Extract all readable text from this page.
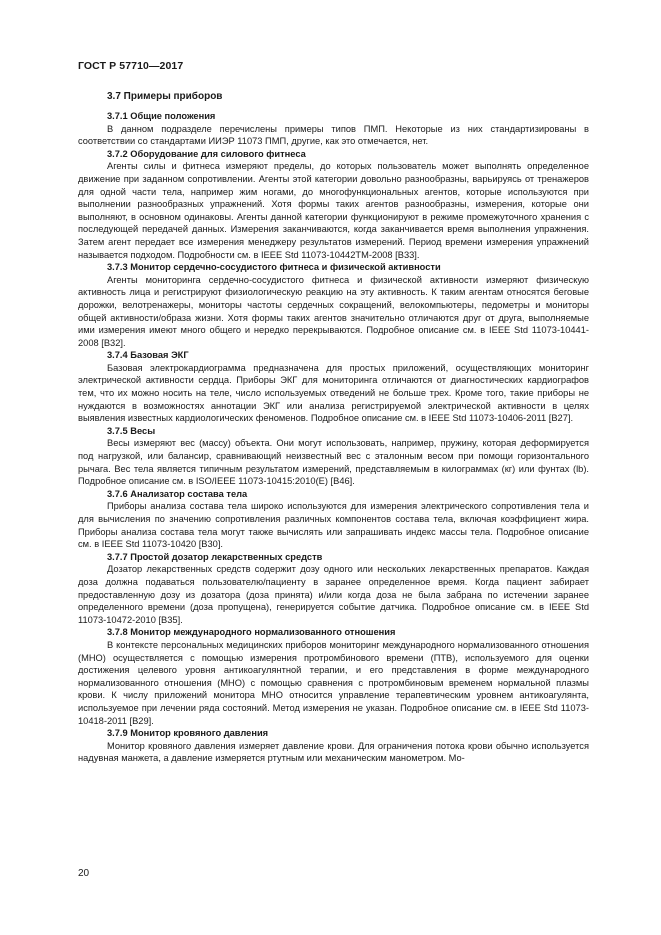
ГОСТ Р 57710—2017
3.7 Примеры приборов
3.7.1 Общие положения

В данном подразделе перечислены примеры типов ПМП. Некоторые из них стандартизированы в соответствии со стандартами ИИЭР 11073 ПМП, другие, как это отмечается, нет.

3.7.2 Оборудование для силового фитнеса

Агенты силы и фитнеса измеряют пределы, до которых пользователь может выполнять определенное движение при заданном сопротивлении. Агенты этой категории довольно разнообразны, варьируясь от тренажеров для одной части тела, например жим ногами, до многофункциональных агентов, которые используются при выполнении разнообразных упражнений. Хотя формы таких агентов разнообразны, измерения, которые они выполняют, в основном одинаковы. Агенты данной категории функционируют в режиме промежуточного хранения с последующей передачей данных. Измерения заканчиваются, когда заканчивается время выполнения упражнения. Затем агент передает все измерения менеджеру результатов измерений. Период времени измерения упражнений называется подходом. Подробности см. в IEEE Std 11073-10442TM-2008 [B33].

3.7.3 Монитор сердечно-сосудистого фитнеса и физической активности

Агенты мониторинга сердечно-сосудистого фитнеса и физической активности измеряют физическую активность лица и регистрируют физиологическую реакцию на эту активность. К таким агентам относятся беговые дорожки, велотренажеры, мониторы частоты сердечных сокращений, велокомпьютеры, педометры и мониторы общей активности/образа жизни. Хотя формы таких агентов значительно отличаются друг от друга, выполняемые ими измерения имеют много общего и нередко перекрываются. Подробное описание см. в IEEE Std 11073-10441-2008 [B32].

3.7.4 Базовая ЭКГ

Базовая электрокардиограмма предназначена для простых приложений, осуществляющих мониторинг электрической активности сердца. Приборы ЭКГ для мониторинга отличаются от диагностических кардиографов тем, что их можно носить на теле, число используемых отведений не больше трех. Кроме того, такие приборы не нуждаются в возможностях аннотации ЭКГ или анализа регистрируемой электрической активности в целях выявления известных кардиологических феноменов. Подробное описание см. в IEEE Std 11073-10406-2011 [B27].

3.7.5 Весы

Весы измеряют вес (массу) объекта. Они могут использовать, например, пружину, которая деформируется под нагрузкой, или балансир, сравнивающий неизвестный вес с эталонным весом при помощи горизонтального рычага. Вес тела является типичным результатом измерений, представляемым в килограммах (кг) или фунтах (lb). Подробное описание см. в ISO/IEEE 11073-10415:2010(E) [B46].

3.7.6 Анализатор состава тела

Приборы анализа состава тела широко используются для измерения электрического сопротивления тела и для вычисления по значению сопротивления различных компонентов состава тела, включая коэффициент жира. Приборы анализа состава тела могут также вычислять или запрашивать индекс массы тела. Подробное описание см. в IEEE Std 11073-10420 [B30].

3.7.7 Простой дозатор лекарственных средств

Дозатор лекарственных средств содержит дозу одного или нескольких лекарственных препаратов. Каждая доза должна подаваться пользователю/пациенту в заранее определенное время. Когда пациент забирает предоставленную дозу из дозатора (доза принята) и/или когда доза не была забрана по истечении заранее определенного времени (доза пропущена), генерируется событие датчика. Подробное описание см. в IEEE Std 11073-10472-2010 [B35].

3.7.8 Монитор международного нормализованного отношения

В контексте персональных медицинских приборов мониторинг международного нормализованного отношения (МНО) осуществляется с помощью измерения протромбинового времени (ПТВ), используемого для оценки достижения целевого уровня антикоагулянтной терапии, и его представления в форме международного нормализованного отношения (МНО) с помощью сравнения с протромбиновым временем нормальной плазмы крови. К числу приложений монитора МНО относится управление терапевтическим уровнем антикоагулянта, используемое при лечении ряда состояний. Метод измерения не указан. Подробное описание см. в IEEE Std 11073-10418-2011 [B29].

3.7.9 Монитор кровяного давления

Монитор кровяного давления измеряет давление крови. Для ограничения потока крови обычно используется надувная манжета, а давление измеряется ртутным или механическим манометром. Мо-

20
